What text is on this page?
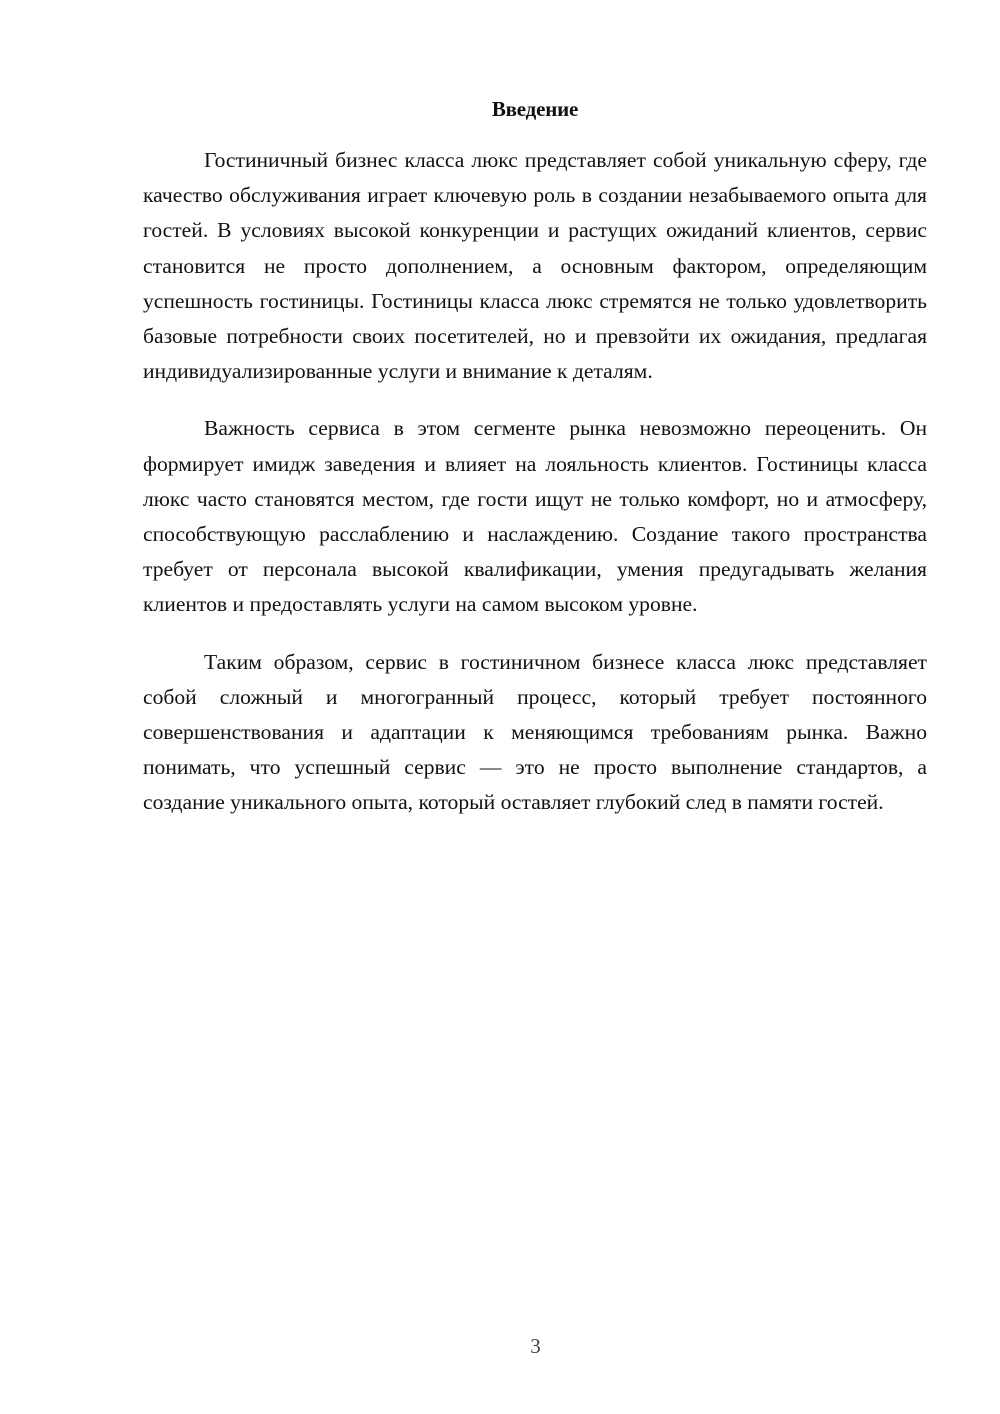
Введение

Гостиничный бизнес класса люкс представляет собой уникальную сферу, где качество обслуживания играет ключевую роль в создании незабываемого опыта для гостей. В условиях высокой конкуренции и растущих ожиданий клиентов, сервис становится не просто дополнением, а основным фактором, определяющим успешность гостиницы. Гостиницы класса люкс стремятся не только удовлетворить базовые потребности своих посетителей, но и превзойти их ожидания, предлагая индивидуализированные услуги и внимание к деталям.

Важность сервиса в этом сегменте рынка невозможно переоценить. Он формирует имидж заведения и влияет на лояльность клиентов. Гостиницы класса люкс часто становятся местом, где гости ищут не только комфорт, но и атмосферу, способствующую расслаблению и наслаждению. Создание такого пространства требует от персонала высокой квалификации, умения предугадывать желания клиентов и предоставлять услуги на самом высоком уровне.

Таким образом, сервис в гостиничном бизнесе класса люкс представляет собой сложный и многогранный процесс, который требует постоянного совершенствования и адаптации к меняющимся требованиям рынка. Важно понимать, что успешный сервис — это не просто выполнение стандартов, а создание уникального опыта, который оставляет глубокий след в памяти гостей.

3
